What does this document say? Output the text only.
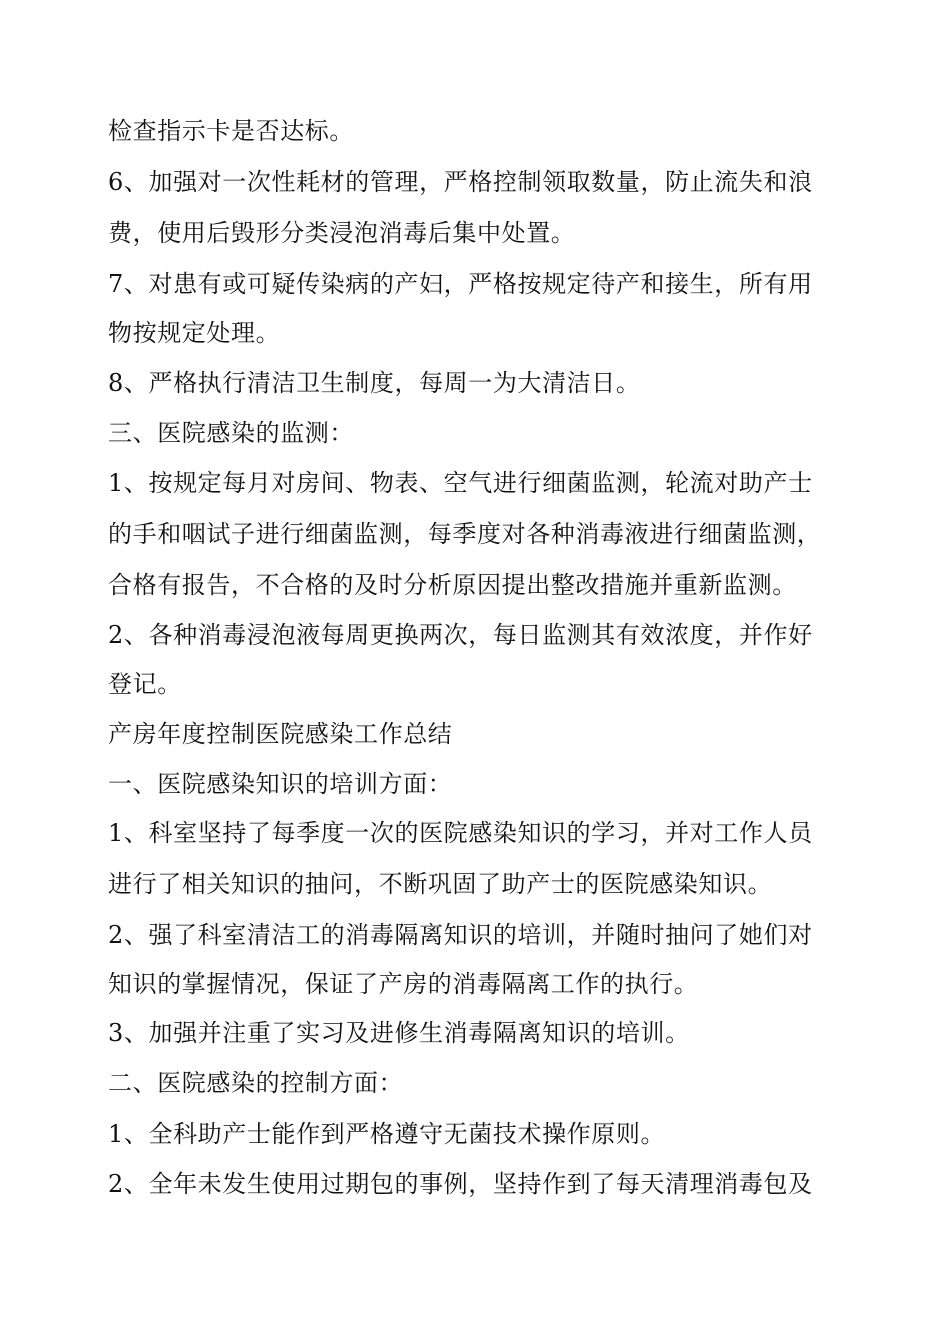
检查指示卡是否达标。
6、加强对一次性耗材的管理，严格控制领取数量，防止流失和浪
费，使用后毁形分类浸泡消毒后集中处置。
7、对患有或可疑传染病的产妇，严格按规定待产和接生，所有用
物按规定处理。
8、严格执行清洁卫生制度，每周一为大清洁日。
三、医院感染的监测：
1、按规定每月对房间、物表、空气进行细菌监测，轮流对助产士
的手和咽试子进行细菌监测，每季度对各种消毒液进行细菌监测，
合格有报告，不合格的及时分析原因提出整改措施并重新监测。
2、各种消毒浸泡液每周更换两次，每日监测其有效浓度，并作好
登记。
产房年度控制医院感染工作总结
一、医院感染知识的培训方面：
1、科室坚持了每季度一次的医院感染知识的学习，并对工作人员
进行了相关知识的抽问，不断巩固了助产士的医院感染知识。
2、强了科室清洁工的消毒隔离知识的培训，并随时抽问了她们对
知识的掌握情况，保证了产房的消毒隔离工作的执行。
3、加强并注重了实习及进修生消毒隔离知识的培训。
二、医院感染的控制方面：
1、全科助产士能作到严格遵守无菌技术操作原则。
2、全年未发生使用过期包的事例，坚持作到了每天清理消毒包及
